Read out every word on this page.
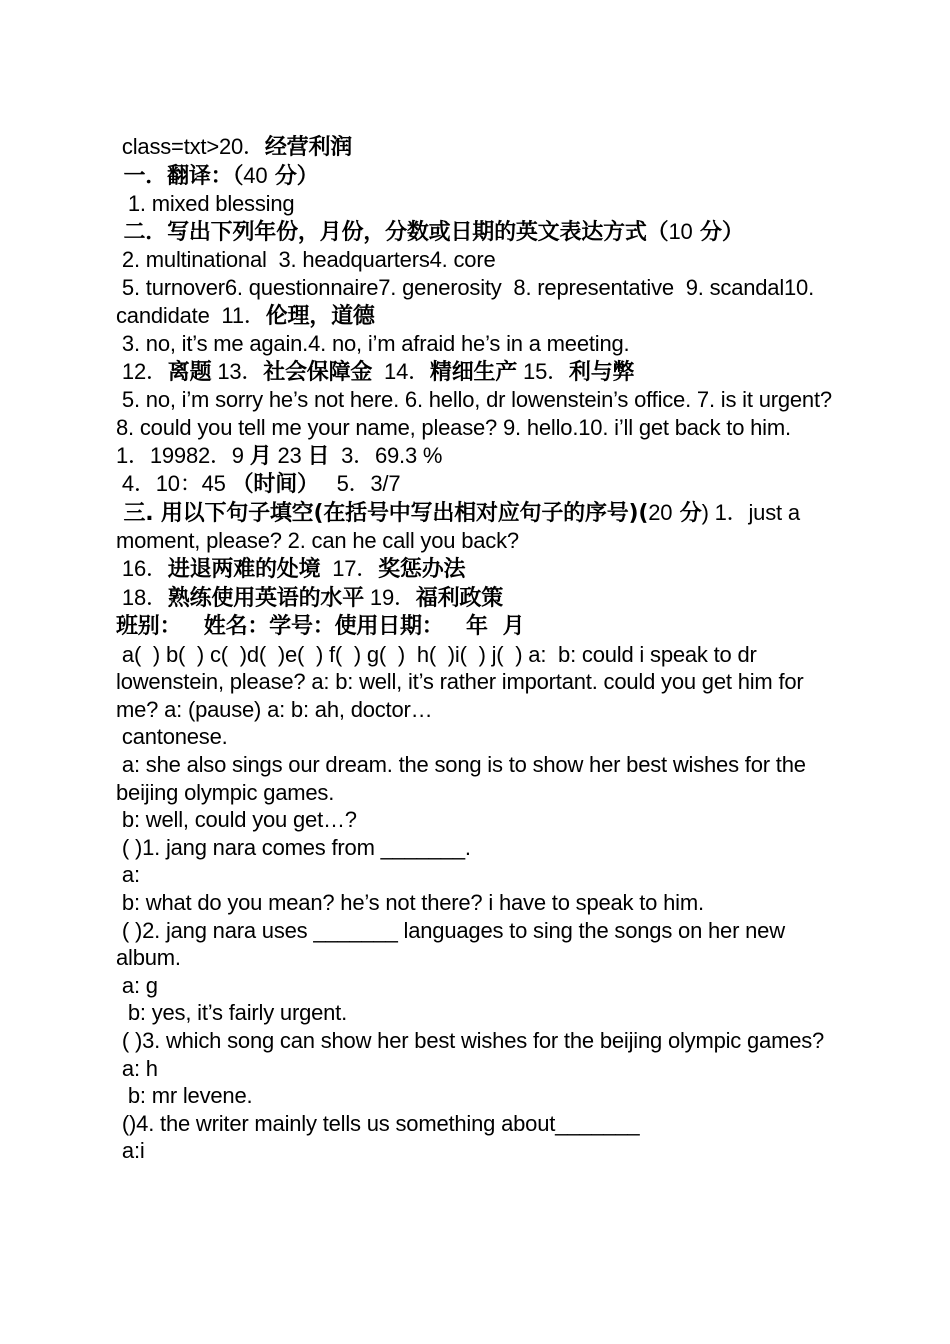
class=txt>20．经营利润
一．翻译：（40 分）
1. mixed blessing
二．写出下列年份，月份，分数或日期的英文表达方式（10 分）
2. multinational  3. headquarters4. core
5. turnover6. questionnaire7. generosity  8. representative  9. scandal10. candidate  11．伦理，道德
3. no, it’s me again.4. no, i’m afraid he’s in a meeting.
12．离题 13．社会保障金  14．精细生产 15．利与弊
5. no, i’m sorry he’s not here. 6. hello, dr lowenstein’s office. 7. is it urgent?  8. could you tell me your name, please? 9. hello.10. i’ll get back to him.
1．19982．9 月 23 日  3．69.3 %
4．10：45 （时间）   5．3/7
三. 用以下句子填空(在括号中写出相对应句子的序号)(20 分) 1．just a moment, please? 2. can he call you back?
16．进退两难的处境  17．奖惩办法
18．熟练使用英语的水平 19．福利政策
班别：   姓名：学号：使用日期：   年  月
a(  ) b(  ) c(  )d(  )e(  ) f(  ) g(  )  h(  )i(  ) j(  ) a:  b: could i speak to dr lowenstein, please? a: b: well, it’s rather important. could you get him for me? a: (pause) a: b: ah, doctor…
cantonese.
a: she also sings our dream. the song is to show her best wishes for the beijing olympic games.
b: well, could you get…?
( )1. jang nara comes from _______.
a:
b: what do you mean? he’s not there? i have to speak to him.
( )2. jang nara uses _______ languages to sing the songs on her new album.
a: g
b: yes, it’s fairly urgent.
( )3. which song can show her best wishes for the beijing olympic games?
a: h
b: mr levene.
()4. the writer mainly tells us something about_______
a:i
